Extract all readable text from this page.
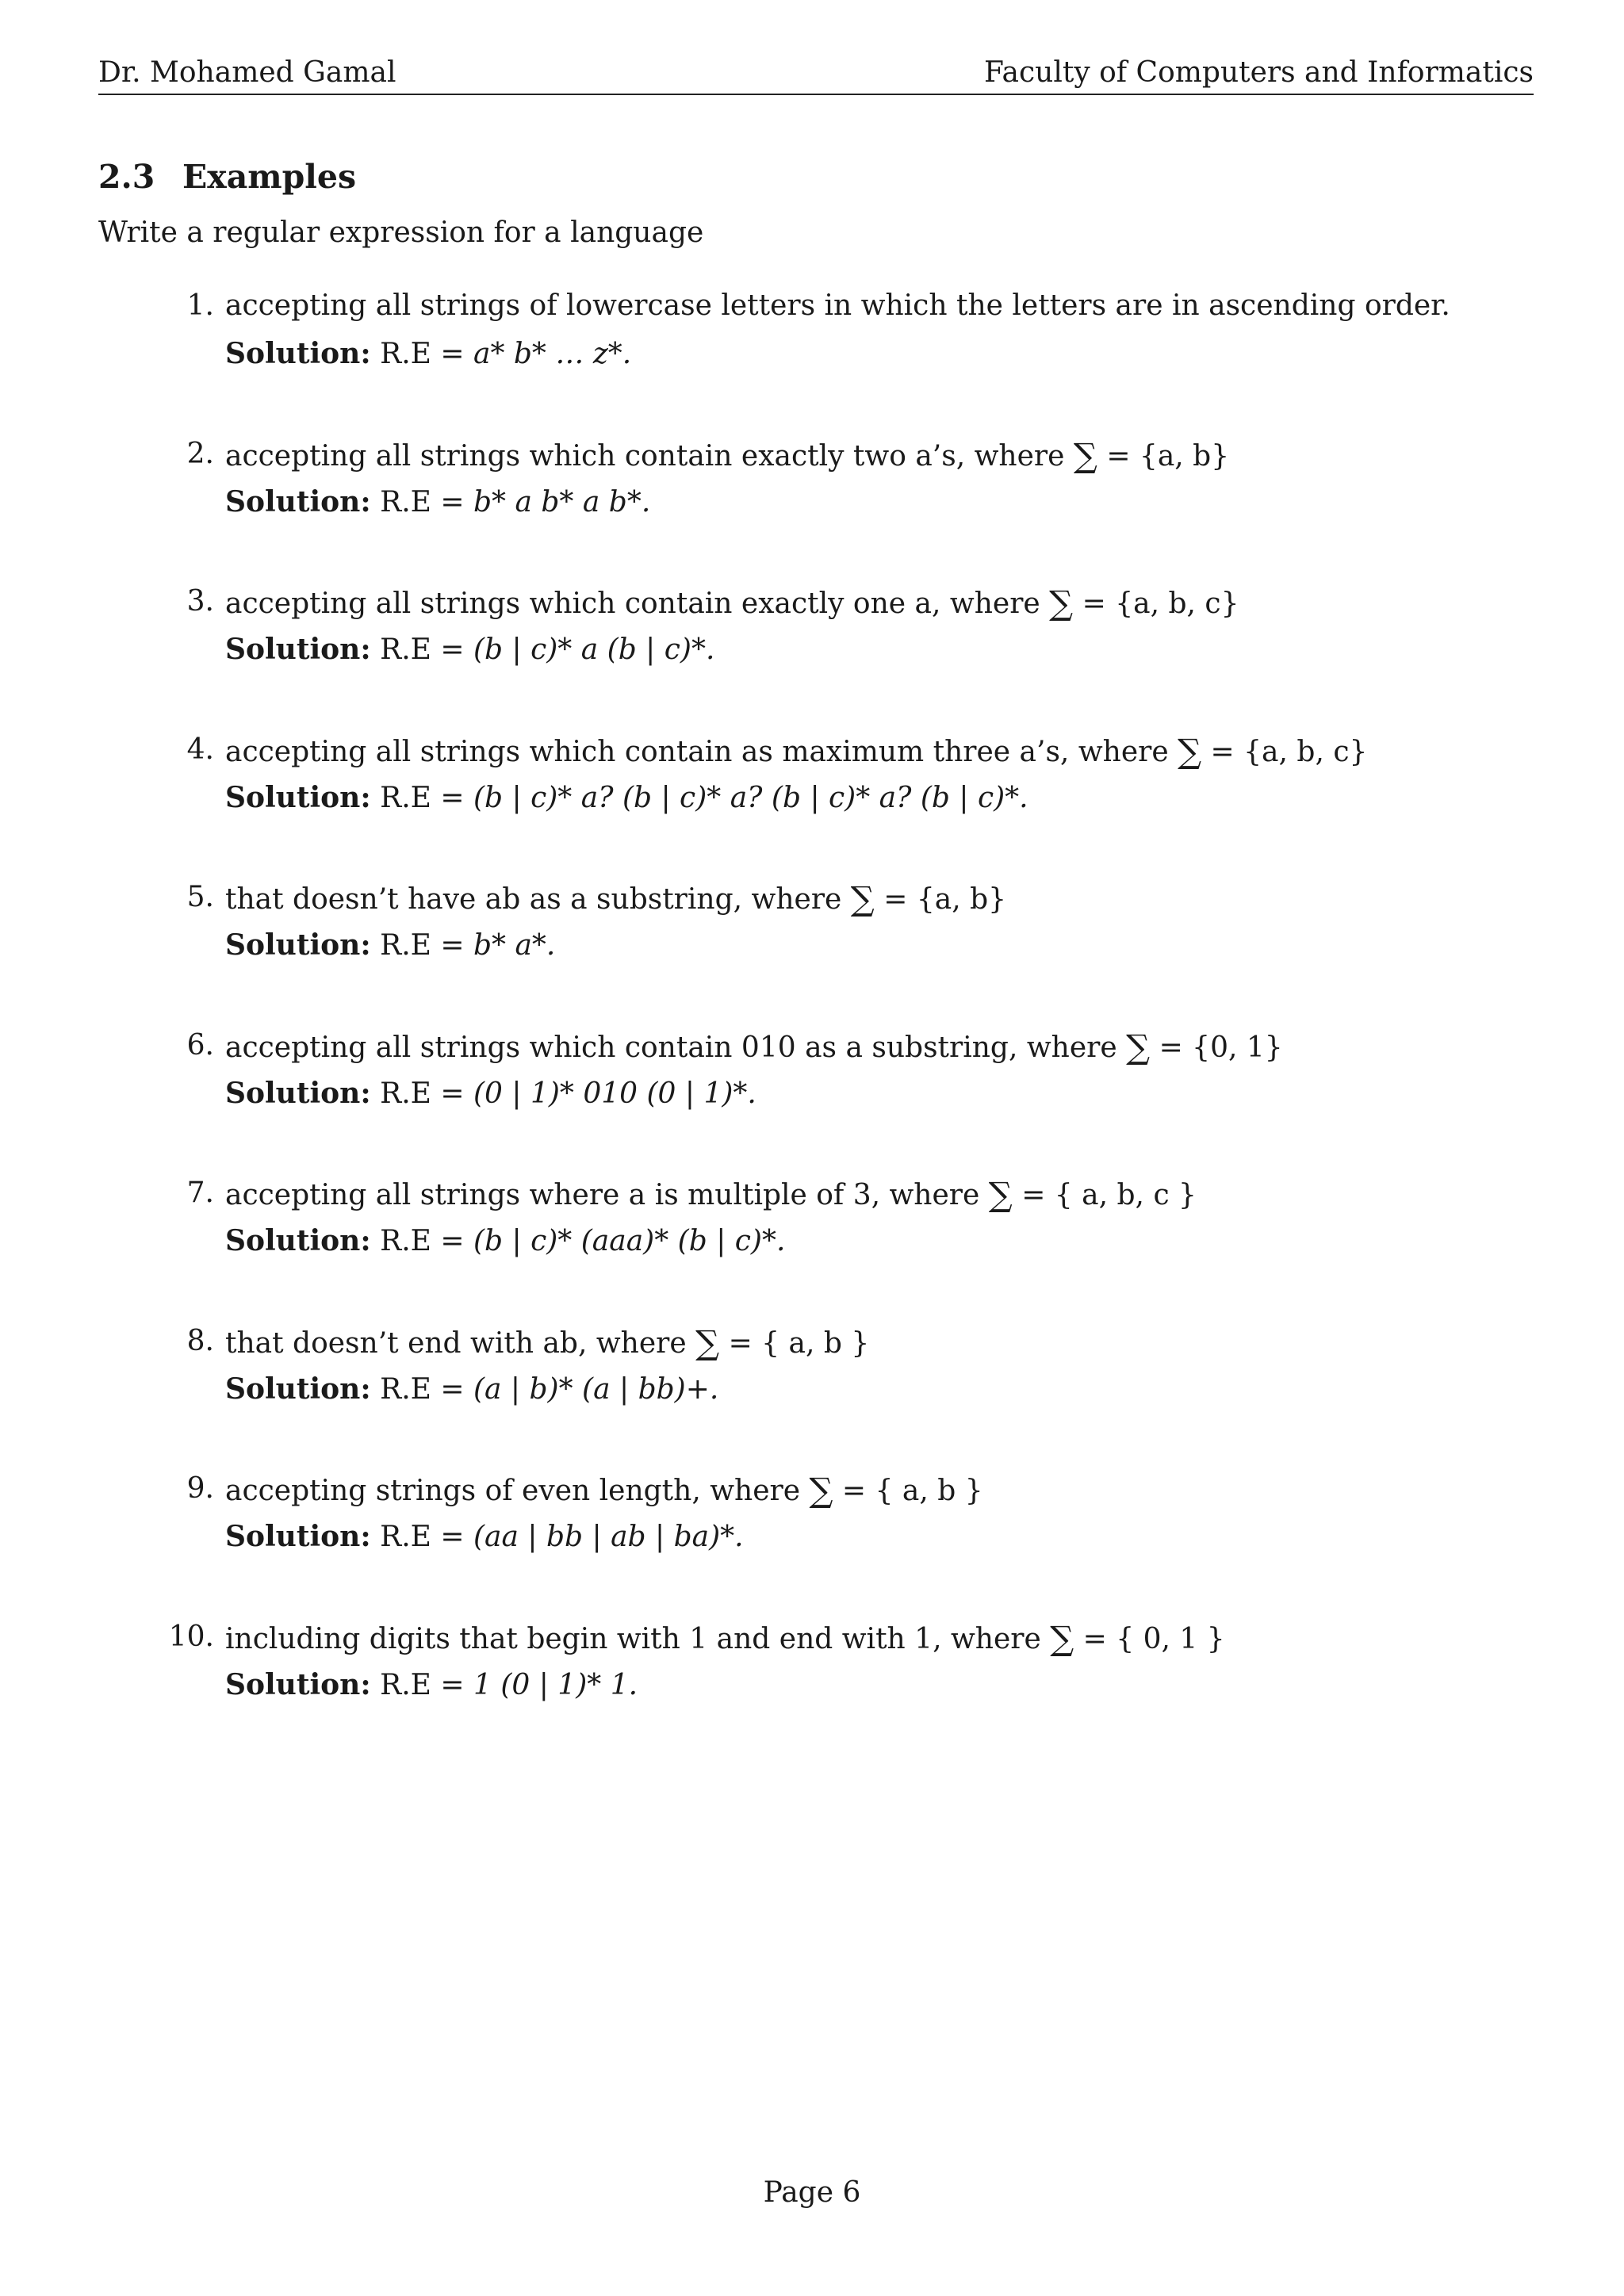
Dr. Mohamed Gamal	Faculty of Computers and Informatics
2.3 Examples
Write a regular expression for a language
1. accepting all strings of lowercase letters in which the letters are in ascending order.
Solution: R.E = a* b* … z*.
2. accepting all strings which contain exactly two a’s, where ∑ = {a, b}
Solution: R.E = b* a b* a b*.
3. accepting all strings which contain exactly one a, where ∑ = {a, b, c}
Solution: R.E = (b | c)* a (b | c)*.
4. accepting all strings which contain as maximum three a’s, where ∑ = {a, b, c}
Solution: R.E = (b | c)* a? (b | c)* a? (b | c)* a? (b | c)*.
5. that doesn’t have ab as a substring, where ∑ = {a, b}
Solution: R.E = b* a*.
6. accepting all strings which contain 010 as a substring, where ∑ = {0, 1}
Solution: R.E = (0 | 1)* 010 (0 | 1)*.
7. accepting all strings where a is multiple of 3, where ∑ = { a, b, c }
Solution: R.E = (b | c)* (aaa)* (b | c)*.
8. that doesn’t end with ab, where ∑ = { a, b }
Solution: R.E = (a | b)* (a | bb)+.
9. accepting strings of even length, where ∑ = { a, b }
Solution: R.E = (aa | bb | ab | ba)*.
10. including digits that begin with 1 and end with 1, where ∑ = { 0, 1 }
Solution: R.E = 1 (0 | 1)* 1.
Page 6
